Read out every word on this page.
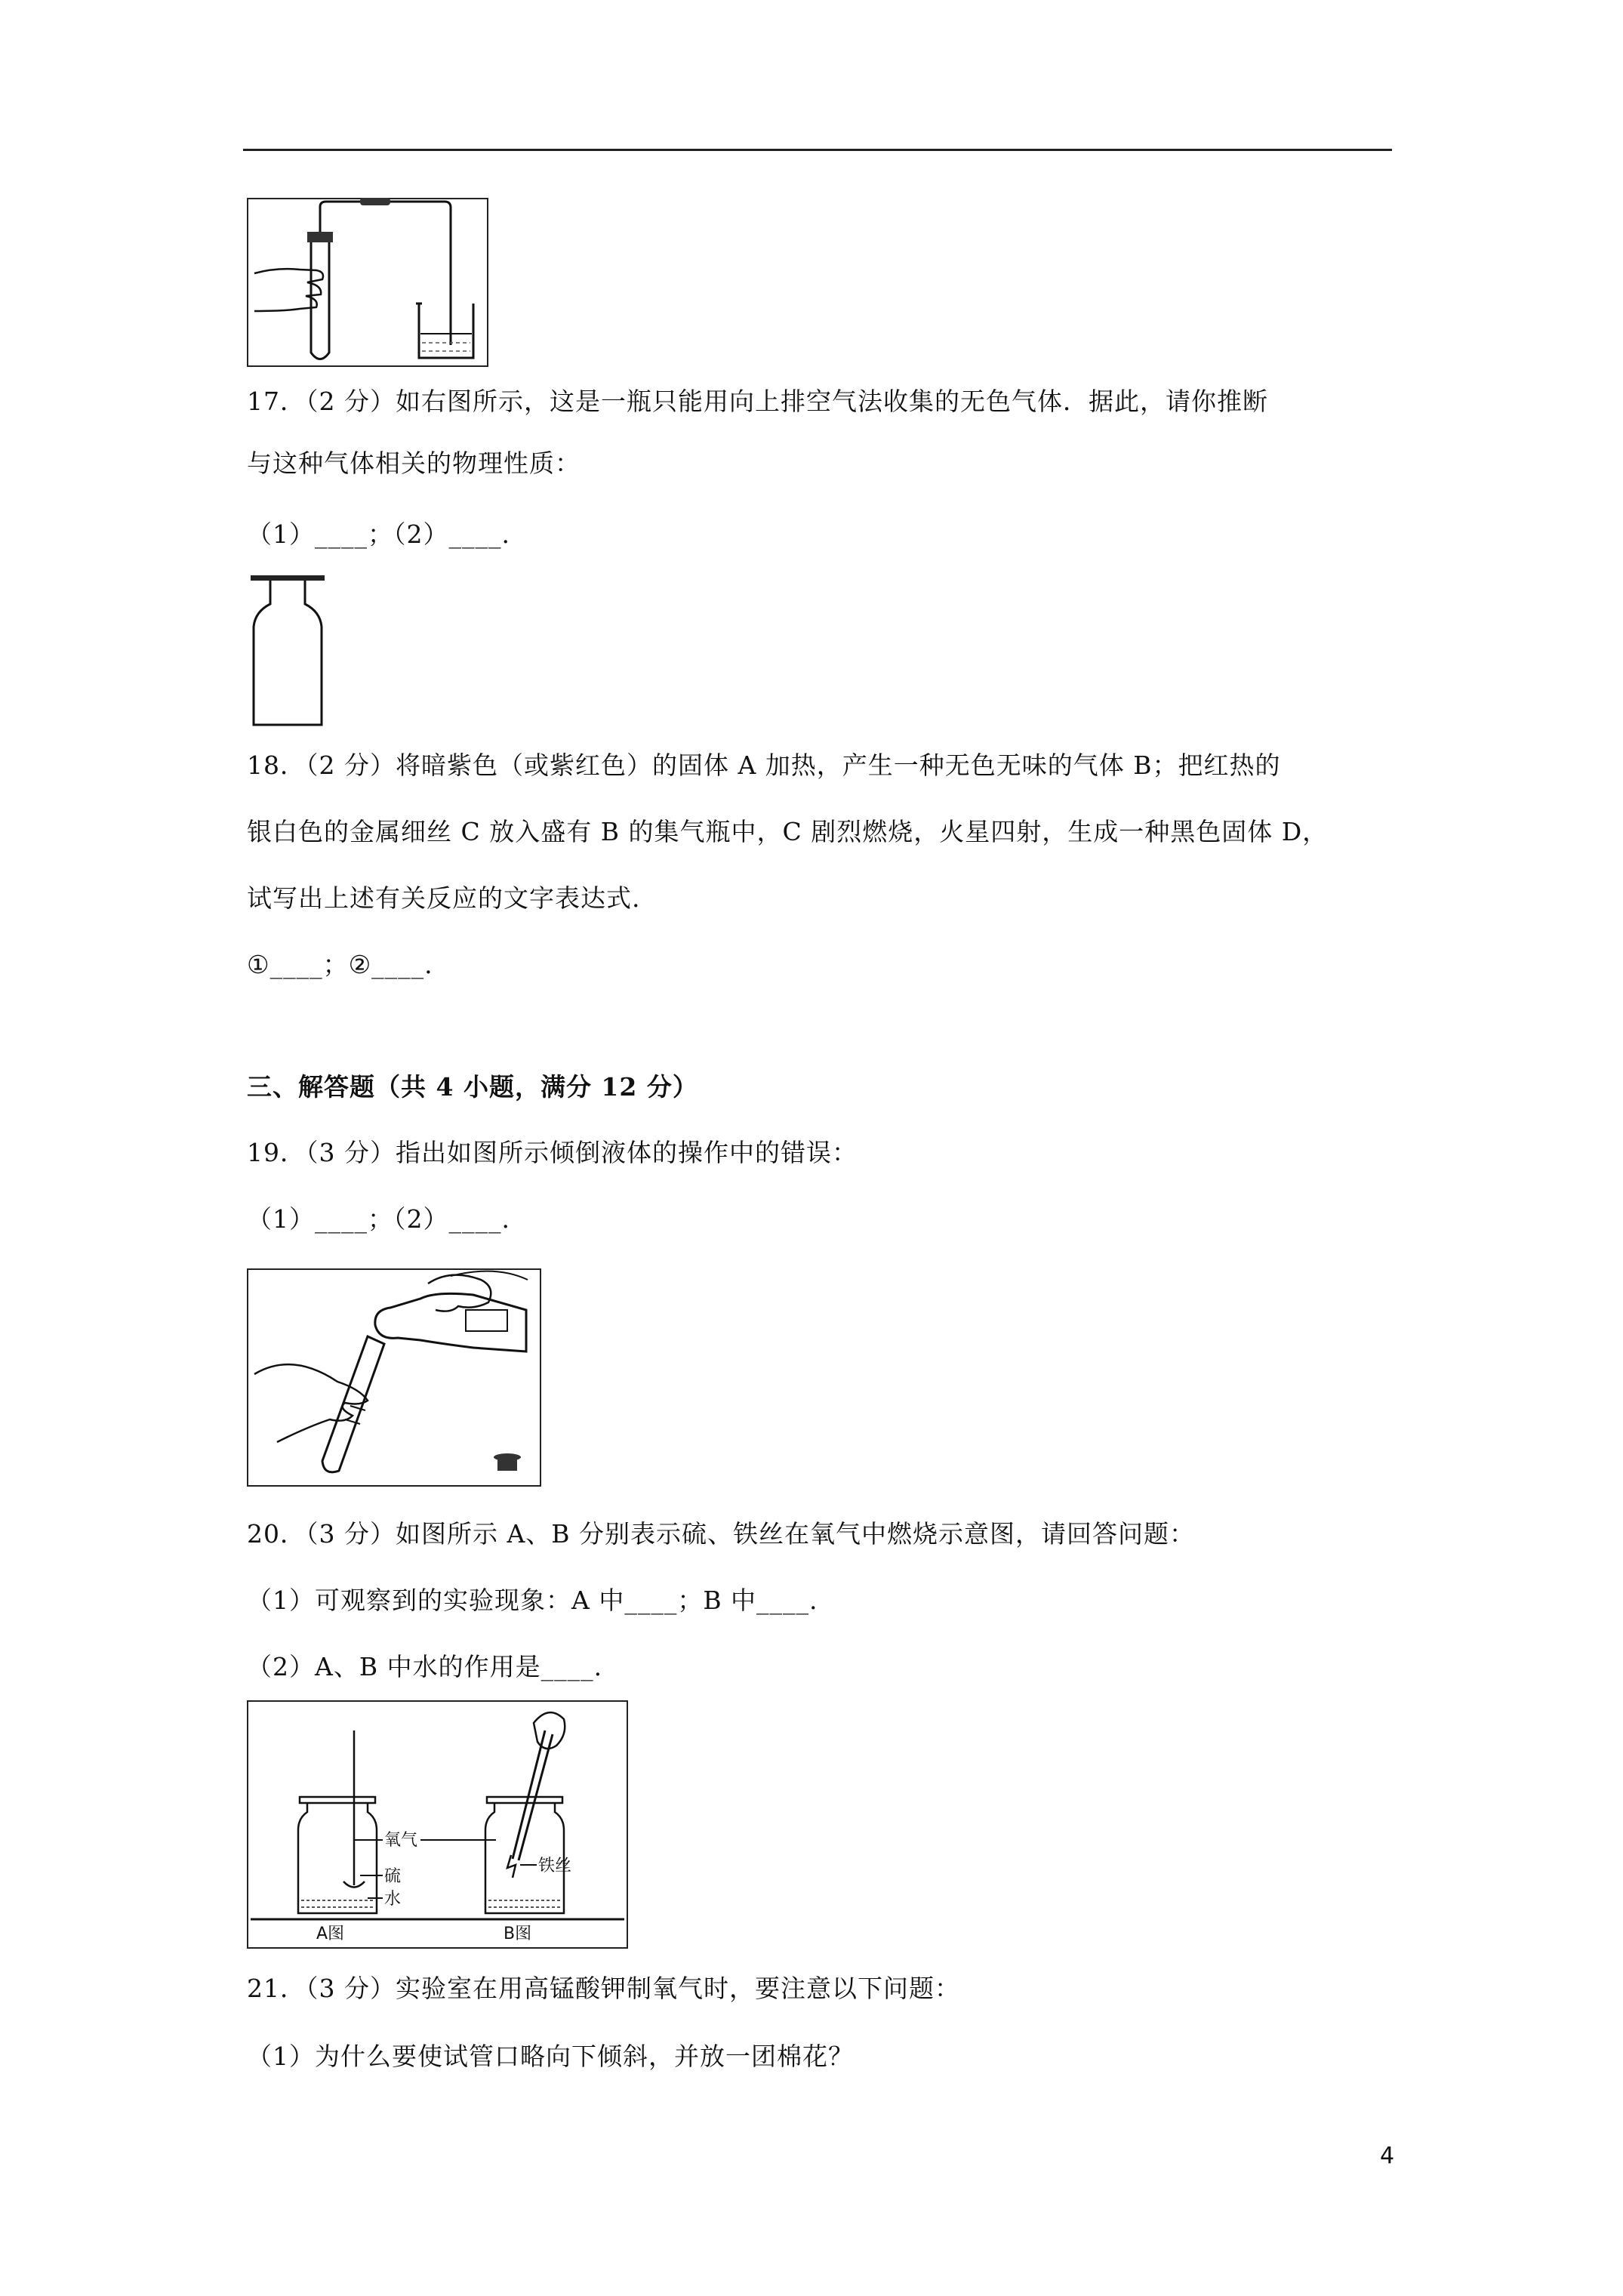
17．（2 分）如右图所示，这是一瓶只能用向上排空气法收集的无色气体．据此，请你推断
与这种气体相关的物理性质：
（1）____；（2）____.
18．（2 分）将暗紫色（或紫红色）的固体 A 加热，产生一种无色无味的气体 B；把红热的
银白色的金属细丝 C 放入盛有 B 的集气瓶中，C 剧烈燃烧，火星四射，生成一种黑色固体 D，
试写出上述有关反应的文字表达式.
①____；②____.
三、解答题（共 4 小题，满分 12 分）
19．（3 分）指出如图所示倾倒液体的操作中的错误：
（1）____；（2）____.
20．（3 分）如图所示 A、B 分别表示硫、铁丝在氧气中燃烧示意图，请回答问题：
（1）可观察到的实验现象：A 中____；B 中____.
（2）A、B 中水的作用是____.
氧气
硫
水
A图
铁丝
B图
21．（3 分）实验室在用高锰酸钾制氧气时，要注意以下问题：
（1）为什么要使试管口略向下倾斜，并放一团棉花？
4
